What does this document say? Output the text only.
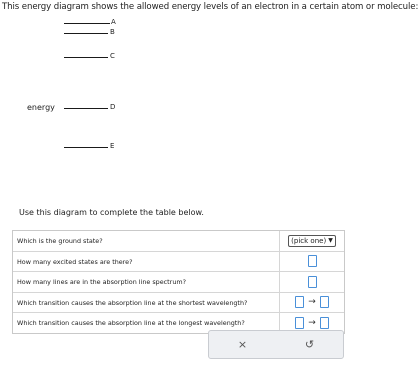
This energy diagram shows the allowed energy levels of an electron in a certain atom or molecule:
energy
A
B
C
D
E
Use this diagram to complete the table below.
Which is the ground state?	(pick one) ▼
How many excited states are there?
How many lines are in the absorption line spectrum?
Which transition causes the absorption line at the shortest wavelength?	→
Which transition causes the absorption line at the longest wavelength?	→
×	↺
